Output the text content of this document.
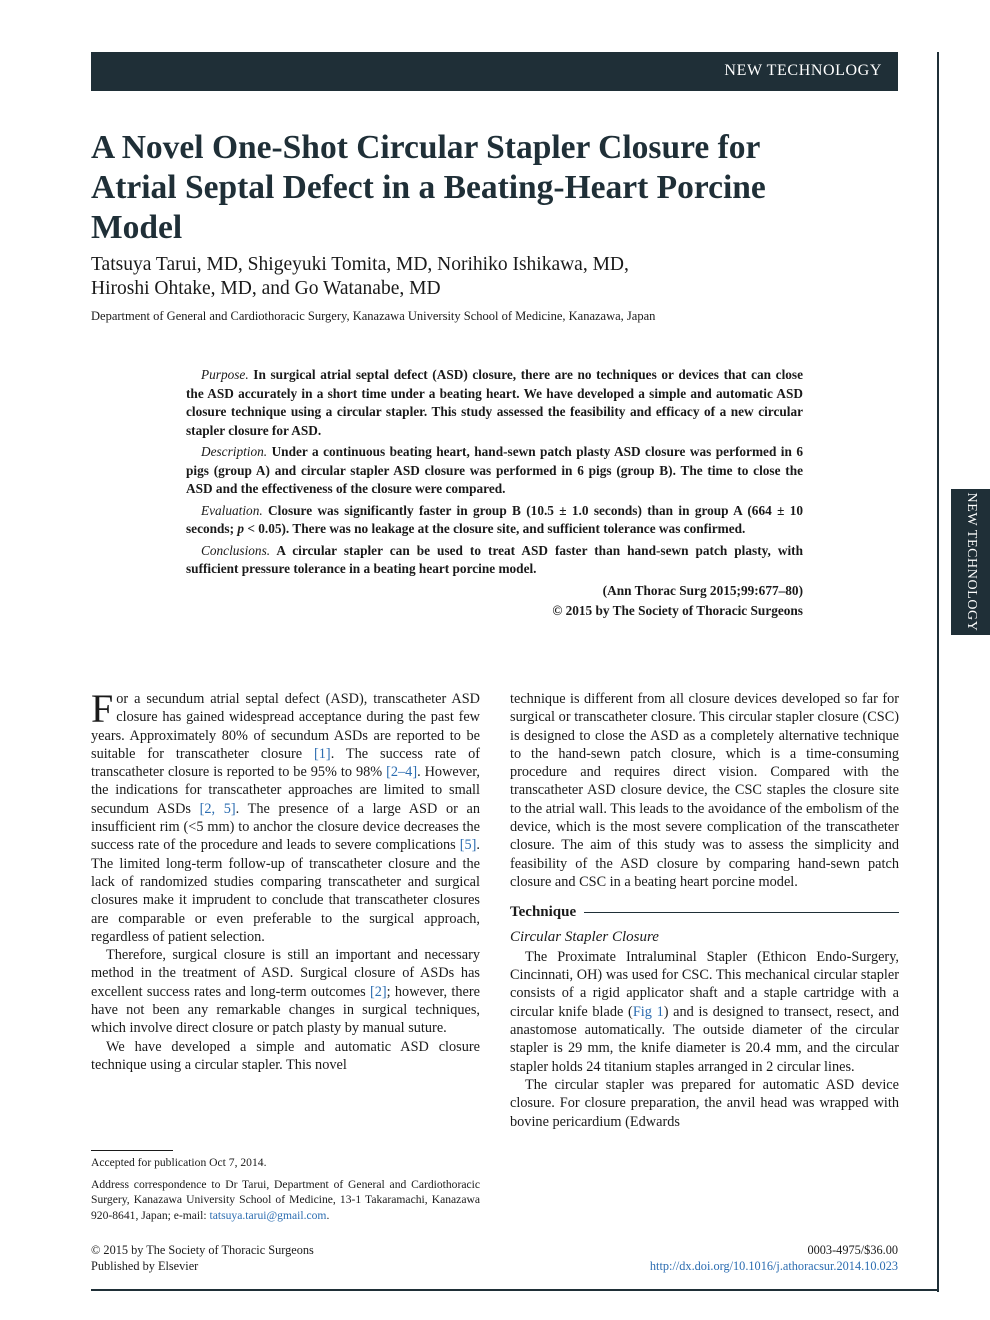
NEW TECHNOLOGY
NEW TECHNOLOGY
A Novel One-Shot Circular Stapler Closure for Atrial Septal Defect in a Beating-Heart Porcine Model
Tatsuya Tarui, MD, Shigeyuki Tomita, MD, Norihiko Ishikawa, MD,
Hiroshi Ohtake, MD, and Go Watanabe, MD
Department of General and Cardiothoracic Surgery, Kanazawa University School of Medicine, Kanazawa, Japan

Purpose. In surgical atrial septal defect (ASD) closure, there are no techniques or devices that can close the ASD accurately in a short time under a beating heart. We have developed a simple and automatic ASD closure technique using a circular stapler. This study assessed the feasibility and efficacy of a new circular stapler closure for ASD.

Description. Under a continuous beating heart, hand-sewn patch plasty ASD closure was performed in 6 pigs (group A) and circular stapler ASD closure was performed in 6 pigs (group B). The time to close the ASD and the effectiveness of the closure were compared.

Evaluation. Closure was significantly faster in group B (10.5 ± 1.0 seconds) than in group A (664 ± 10 seconds; p < 0.05). There was no leakage at the closure site, and sufficient tolerance was confirmed.

Conclusions. A circular stapler can be used to treat ASD faster than hand-sewn patch plasty, with sufficient pressure tolerance in a beating heart porcine model.

(Ann Thorac Surg 2015;99:677–80)

© 2015 by The Society of Thoracic Surgeons

For a secundum atrial septal defect (ASD), transcatheter ASD closure has gained widespread acceptance during the past few years. Approximately 80% of secundum ASDs are reported to be suitable for transcatheter closure [1]. The success rate of transcatheter closure is reported to be 95% to 98% [2–4]. However, the indications for transcatheter approaches are limited to small secundum ASDs [2, 5]. The presence of a large ASD or an insufficient rim (<5 mm) to anchor the closure device decreases the success rate of the procedure and leads to severe complications [5]. The limited long-term follow-up of transcatheter closure and the lack of randomized studies comparing transcatheter and surgical closures make it imprudent to conclude that transcatheter closures are comparable or even preferable to the surgical approach, regardless of patient selection.

Therefore, surgical closure is still an important and necessary method in the treatment of ASD. Surgical closure of ASDs has excellent success rates and long-term outcomes [2]; however, there have not been any remarkable changes in surgical techniques, which involve direct closure or patch plasty by manual suture.

We have developed a simple and automatic ASD closure technique using a circular stapler. This novel

Accepted for publication Oct 7, 2014.

Address correspondence to Dr Tarui, Department of General and Cardiothoracic Surgery, Kanazawa University School of Medicine, 13-1 Takaramachi, Kanazawa 920-8641, Japan; e-mail: tatsuya.tarui@gmail.com.

technique is different from all closure devices developed so far for surgical or transcatheter closure. This circular stapler closure (CSC) is designed to close the ASD as a completely alternative technique to the hand-sewn patch closure, which is a time-consuming procedure and requires direct vision. Compared with the transcatheter ASD closure device, the CSC staples the closure site to the atrial wall. This leads to the avoidance of the embolism of the device, which is the most severe complication of the transcatheter closure. The aim of this study was to assess the simplicity and feasibility of the ASD closure by comparing hand-sewn patch closure and CSC in a beating heart porcine model.

Technique
Circular Stapler Closure

The Proximate Intraluminal Stapler (Ethicon Endo-Surgery, Cincinnati, OH) was used for CSC. This mechanical circular stapler consists of a rigid applicator shaft and a staple cartridge with a circular knife blade (Fig 1) and is designed to transect, resect, and anastomose automatically. The outside diameter of the circular stapler is 29 mm, the knife diameter is 20.4 mm, and the circular stapler holds 24 titanium staples arranged in 2 circular lines.

The circular stapler was prepared for automatic ASD device closure. For closure preparation, the anvil head was wrapped with bovine pericardium (Edwards

© 2015 by The Society of Thoracic Surgeons
Published by Elsevier
0003-4975/$36.00
http://dx.doi.org/10.1016/j.athoracsur.2014.10.023
